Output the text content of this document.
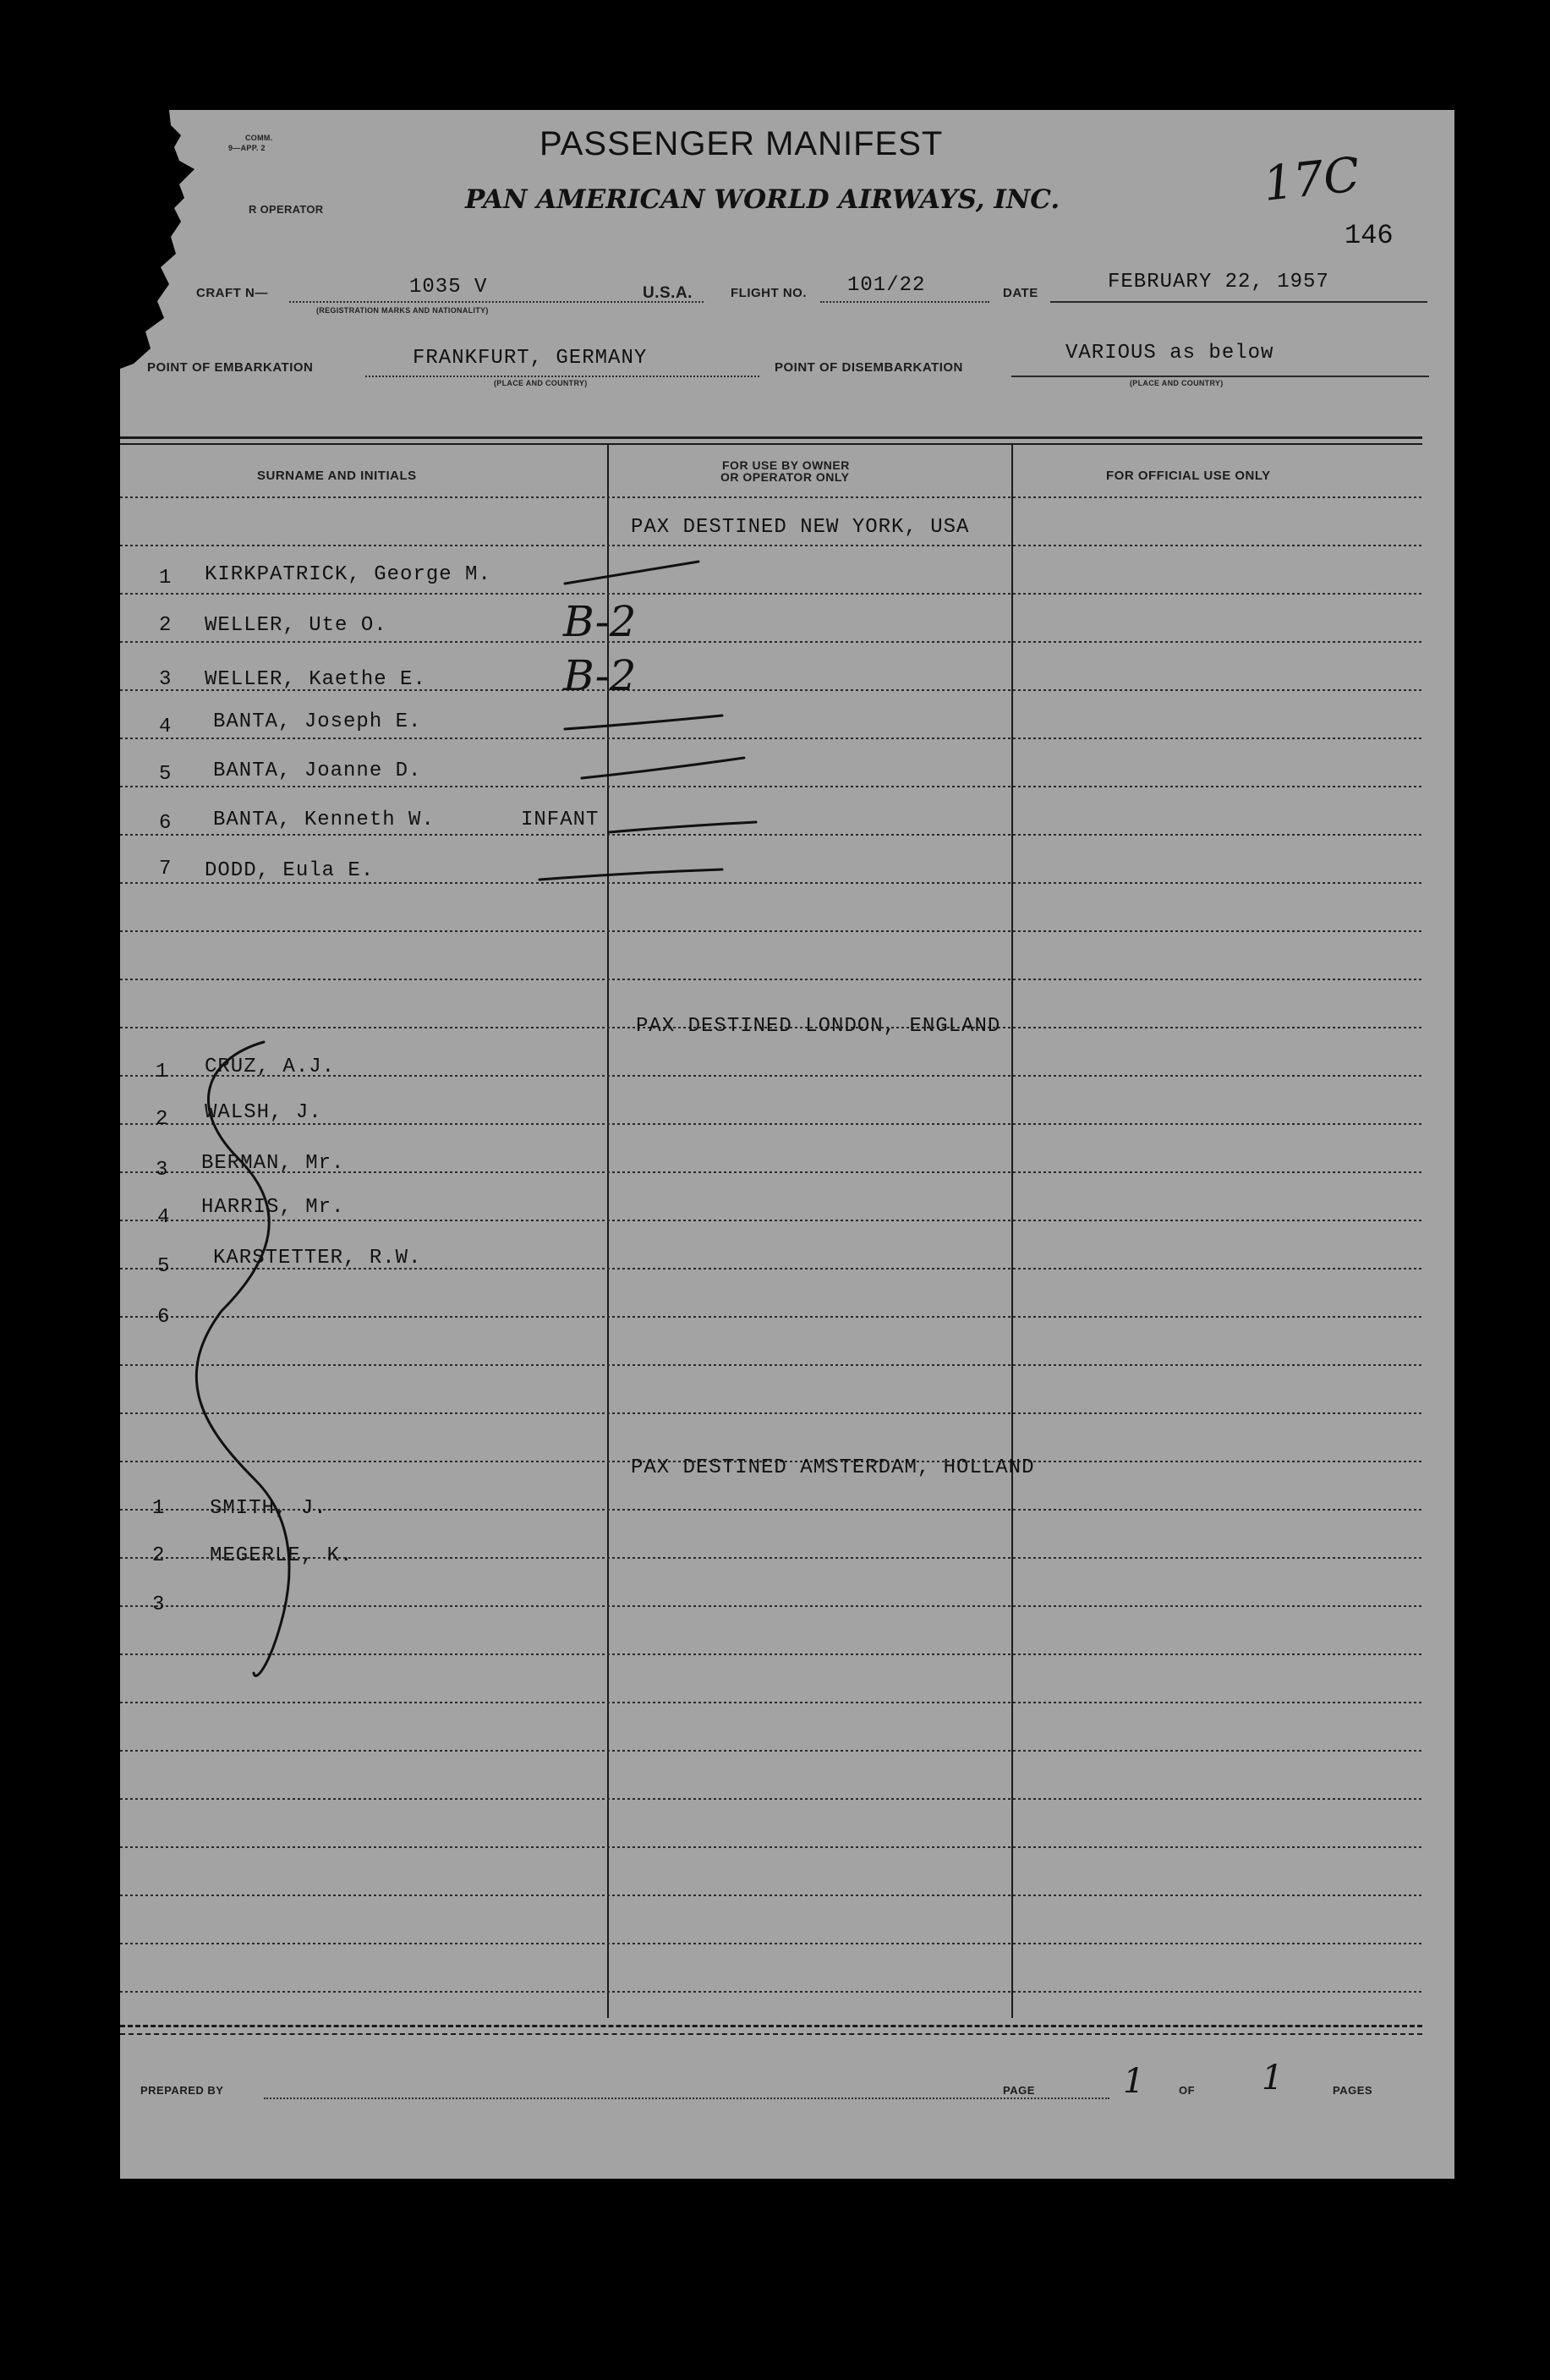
COMM.
9—APP. 2	PASSENGER MANIFEST
R OPERATOR	PAN AMERICAN WORLD AIRWAYS, INC.	17C
146
CRAFT N—	1035 V
(REGISTRATION MARKS AND NATIONALITY)
U.S.A.	FLIGHT NO. 101/22	DATE	FEBRUARY 22, 1957
POINT OF EMBARKATION	FRANKFURT, GERMANY
(PLACE AND COUNTRY)
POINT OF DISEMBARKATION
VARIOUS as below
(PLACE AND COUNTRY)
SURNAME AND INITIALS
FOR USE BY OWNER
OR OPERATOR ONLY	FOR OFFICIAL USE ONLY
PAX DESTINED NEW YORK, USA
1 KIRKPATRICK, George M.
2 WELLER, Ute O.	B-2
3 WELLER, Kaethe E.	B-2
4 BANTA, Joseph E.
5 BANTA, Joanne D.
6 BANTA, Kenneth W.	INFANT
7 DODD, Eula E.
PAX DESTINED LONDON, ENGLAND
1 CRUZ, A.J.
2 WALSH, J.
3 BERMAN, Mr.
4 HARRIS, Mr.
5 KARSTETTER, R.W.
6
PAX DESTINED AMSTERDAM, HOLLAND
1 SMITH, J.
2 MEGERLE, K.
3
PREPARED BY	PAGE	1	OF 1	PAGES
